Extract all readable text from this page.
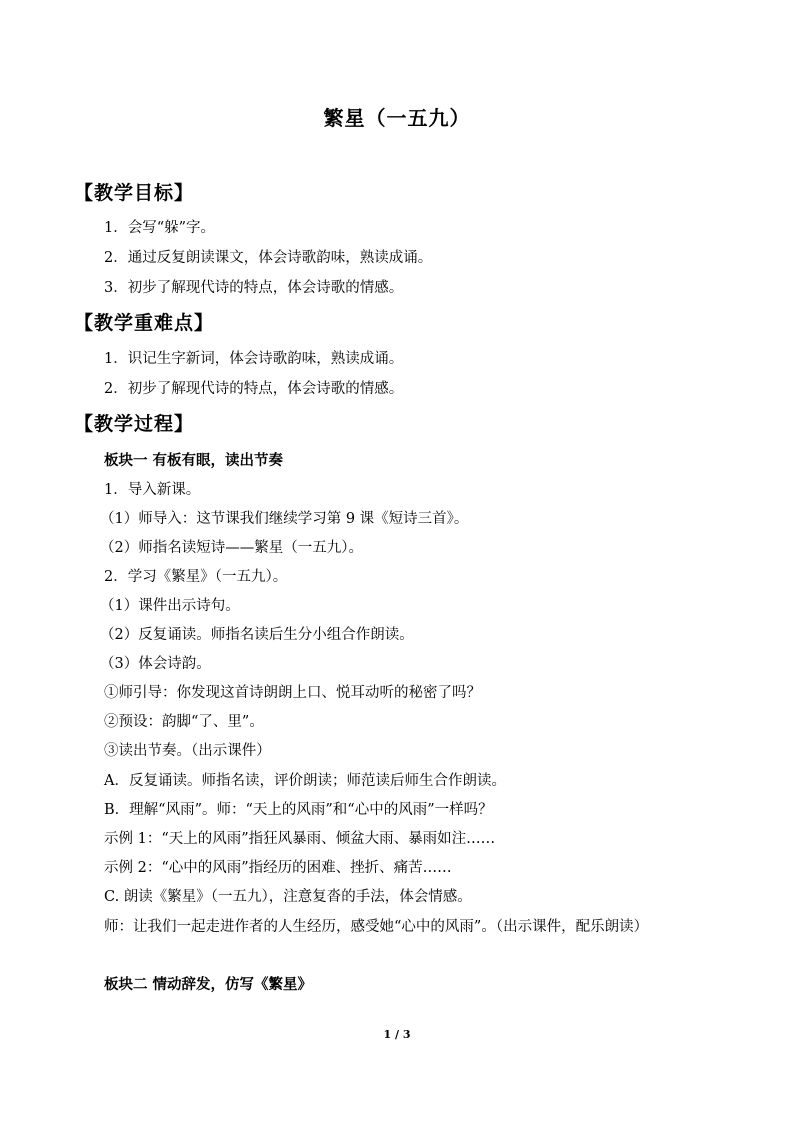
繁星（一五九）
【教学目标】
1．会写“躲”字。
2．通过反复朗读课文，体会诗歌韵味，熟读成诵。
3．初步了解现代诗的特点，体会诗歌的情感。
【教学重难点】
1．识记生字新词，体会诗歌韵味，熟读成诵。
2．初步了解现代诗的特点，体会诗歌的情感。
【教学过程】
板块一 有板有眼，读出节奏
1．导入新课。
（1）师导入：这节课我们继续学习第 9 课《短诗三首》。
（2）师指名读短诗——繁星（一五九）。
2．学习《繁星》（一五九）。
（1）课件出示诗句。
（2）反复诵读。师指名读后生分小组合作朗读。
（3）体会诗韵。
①师引导：你发现这首诗朗朗上口、悦耳动听的秘密了吗？
②预设：韵脚“了、里”。
③读出节奏。（出示课件）
A．反复诵读。师指名读，评价朗读；师范读后师生合作朗读。
B．理解“风雨”。师：“天上的风雨”和“心中的风雨”一样吗？
示例 1：“天上的风雨”指狂风暴雨、倾盆大雨、暴雨如注……
示例 2：“心中的风雨”指经历的困难、挫折、痛苦……
C. 朗读《繁星》（一五九），注意复沓的手法，体会情感。
师：让我们一起走进作者的人生经历，感受她“心中的风雨”。（出示课件，配乐朗读）
板块二 情动辞发，仿写《繁星》
1 / 3
